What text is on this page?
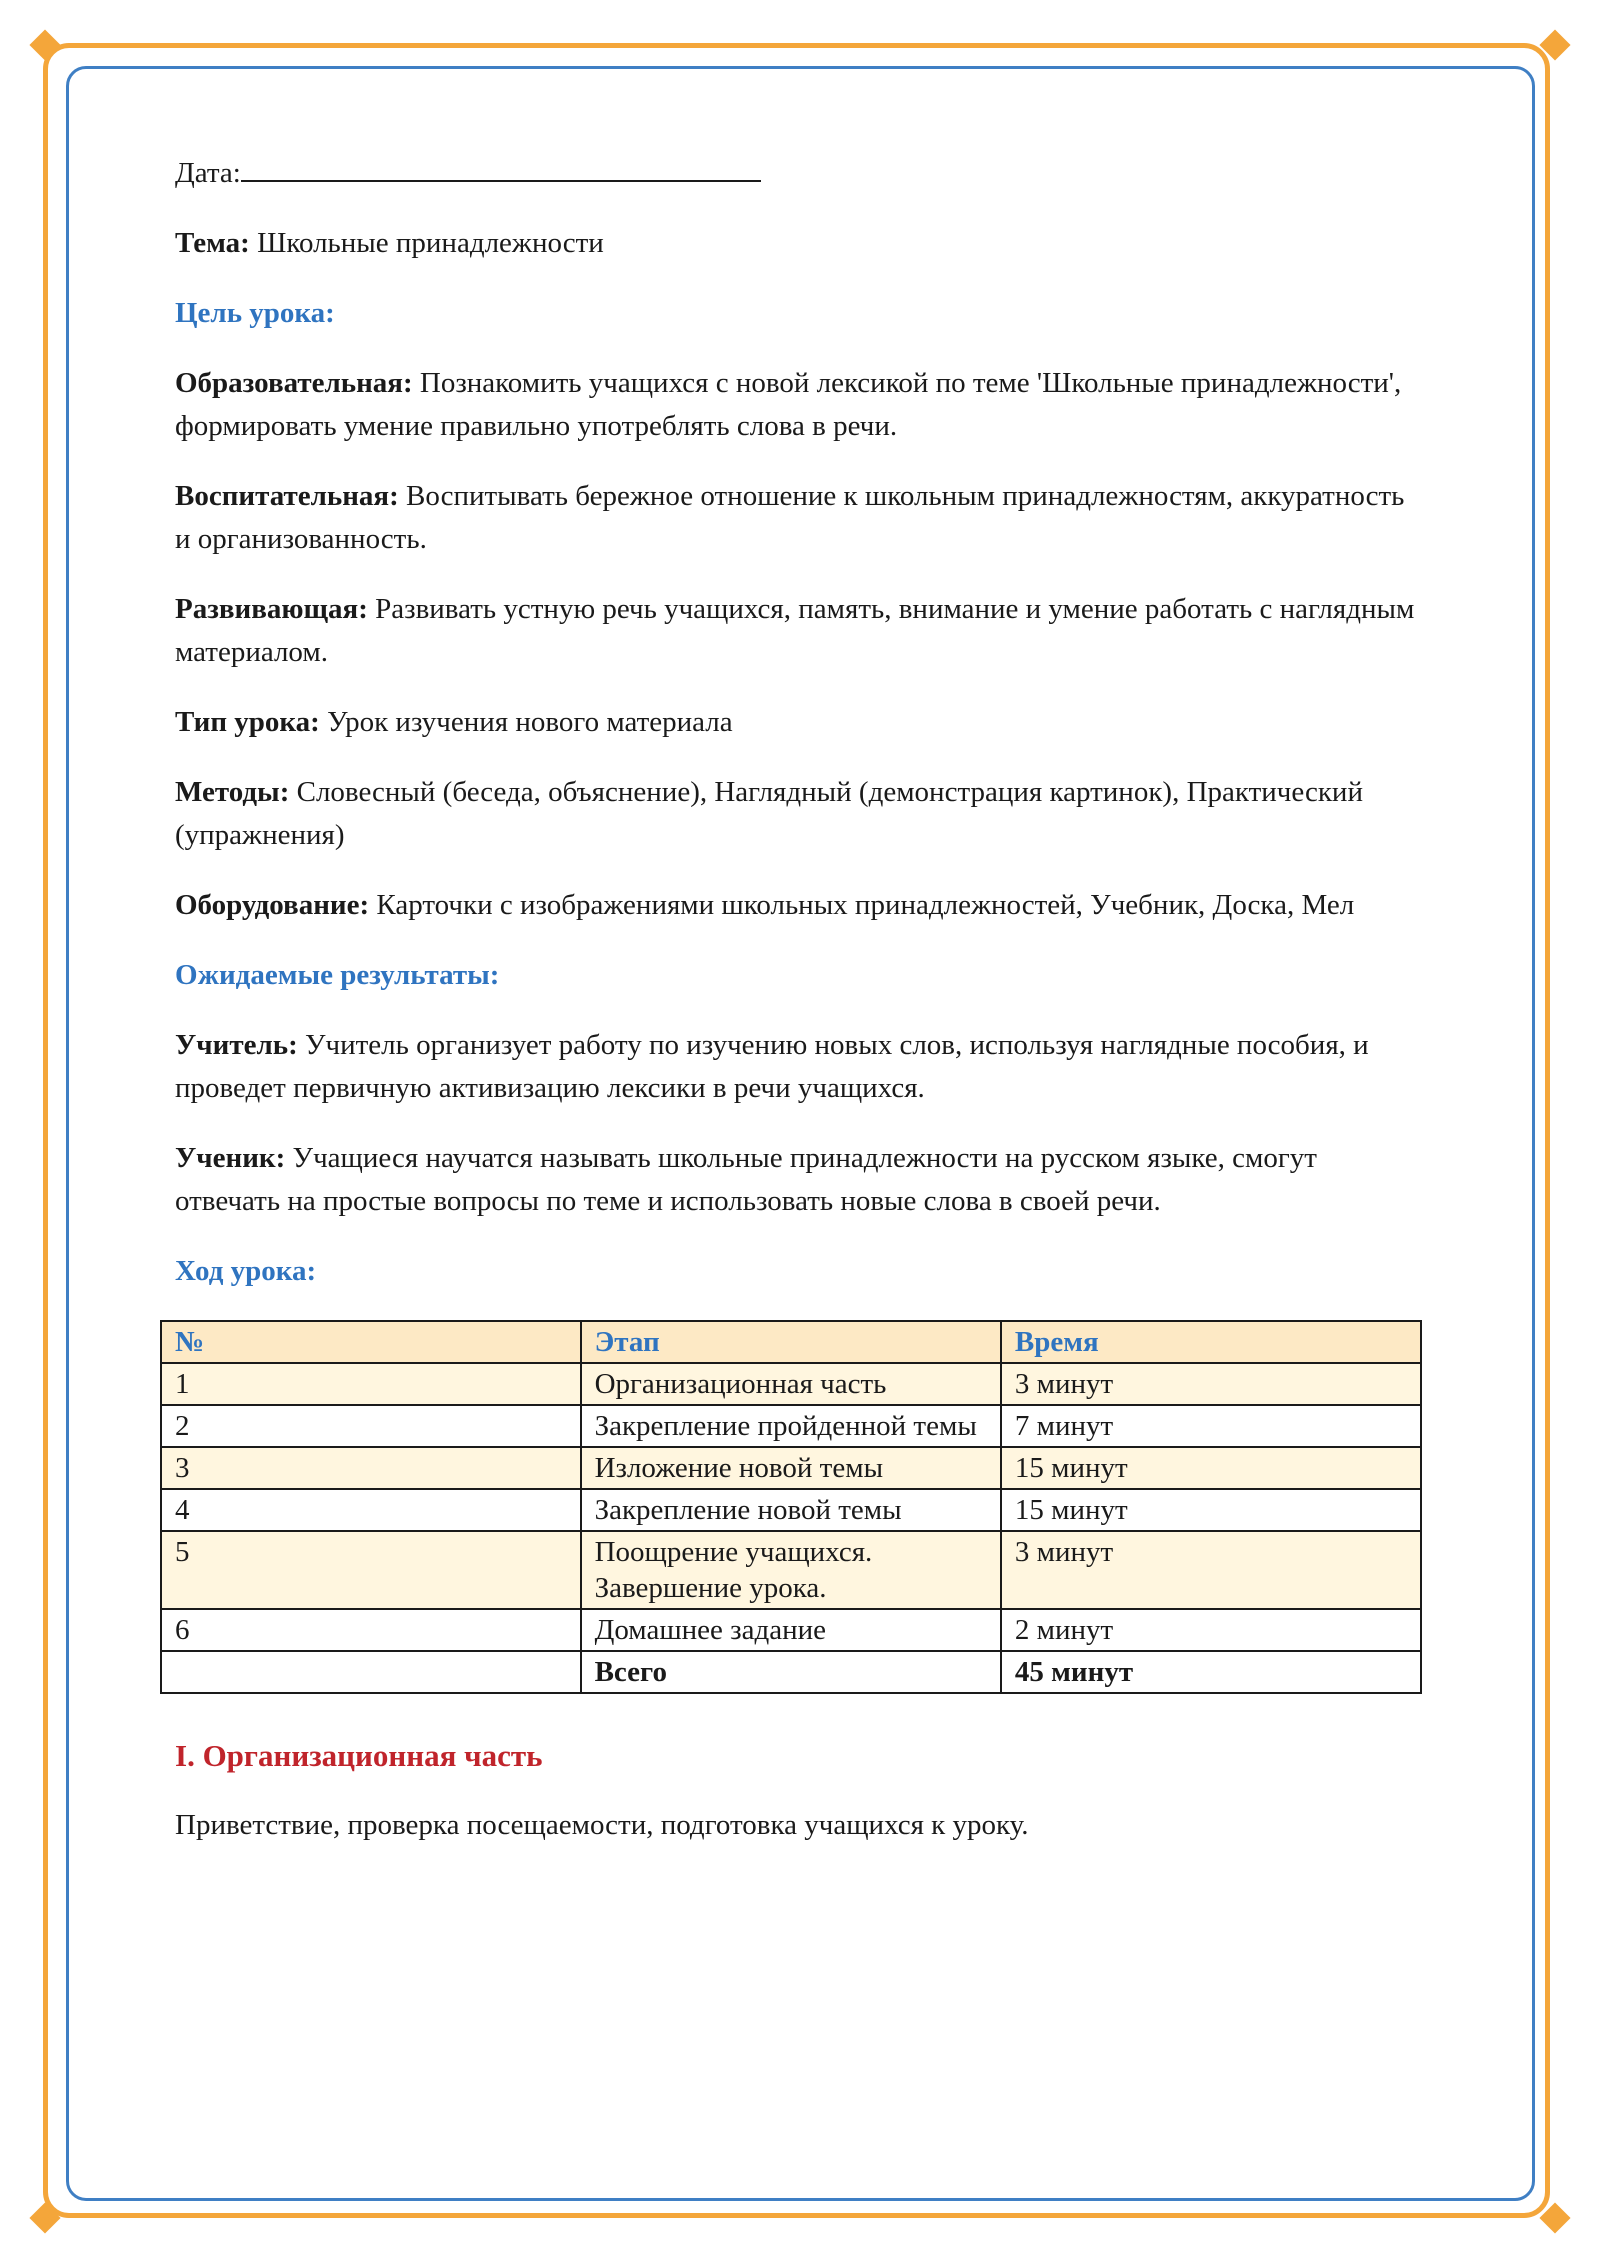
Дата:

Тема: Школьные принадлежности

Цель урока:

Образовательная: Познакомить учащихся с новой лексикой по теме 'Школьные принадлежности', формировать умение правильно употреблять слова в речи.

Воспитательная: Воспитывать бережное отношение к школьным принадлежностям, аккуратность и организованность.

Развивающая: Развивать устную речь учащихся, память, внимание и умение работать с наглядным материалом.

Тип урока: Урок изучения нового материала

Методы: Словесный (беседа, объяснение), Наглядный (демонстрация картинок), Практический (упражнения)

Оборудование: Карточки с изображениями школьных принадлежностей, Учебник, Доска, Мел

Ожидаемые результаты:

Учитель: Учитель организует работу по изучению новых слов, используя наглядные пособия, и проведет первичную активизацию лексики в речи учащихся.

Ученик: Учащиеся научатся называть школьные принадлежности на русском языке, смогут отвечать на простые вопросы по теме и использовать новые слова в своей речи.

Ход урока:

№	Этап	Время
1	Организационная часть	3 минут
2	Закрепление пройденной темы	7 минут
3	Изложение новой темы	15 минут
4	Закрепление новой темы	15 минут
5	Поощрение учащихся. Завершение урока.	3 минут
6	Домашнее задание	2 минут
	Всего	45 минут

I. Организационная часть

Приветствие, проверка посещаемости, подготовка учащихся к уроку.
